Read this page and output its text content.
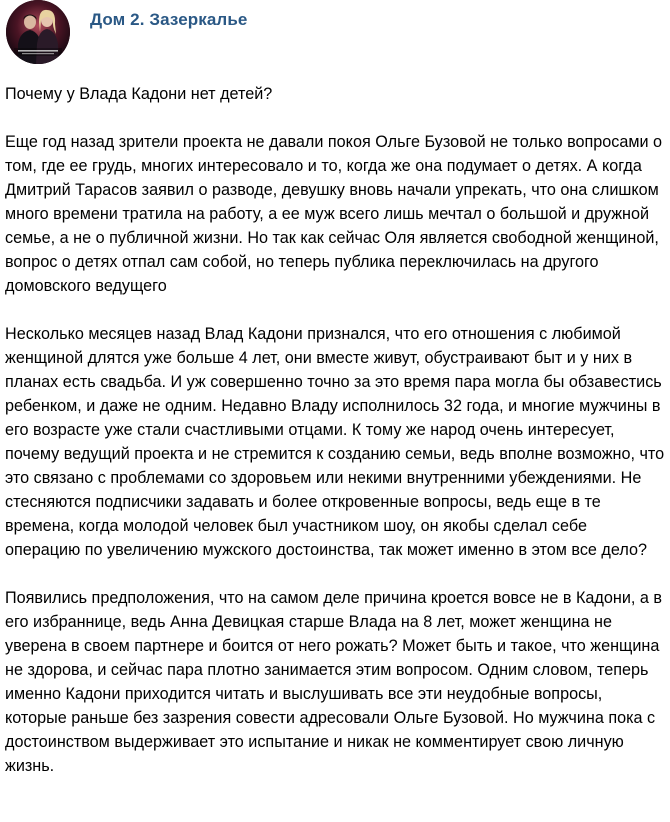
Дом 2. Зазеркалье

Почему у Влада Кадони нет детей?

Еще год назад зрители проекта не давали покоя Ольге Бузовой не только вопросами о том, где ее грудь, многих интересовало и то, когда же она подумает о детях. А когда Дмитрий Тарасов заявил о разводе, девушку вновь начали упрекать, что она слишком много времени тратила на работу, а ее муж всего лишь мечтал о большой и дружной семье, а не о публичной жизни. Но так как сейчас Оля является свободной женщиной, вопрос о детях отпал сам собой, но теперь публика переключилась на другого домовского ведущего

Несколько месяцев назад Влад Кадони признался, что его отношения с любимой женщиной длятся уже больше 4 лет, они вместе живут, обустраивают быт и у них в планах есть свадьба. И уж совершенно точно за это время пара могла бы обзавестись ребенком, и даже не одним. Недавно Владу исполнилось 32 года, и многие мужчины в его возрасте уже стали счастливыми отцами. К тому же народ очень интересует, почему ведущий проекта и не стремится к созданию семьи, ведь вполне возможно, что это связано с проблемами со здоровьем или некими внутренними убеждениями. Не стесняются подписчики задавать и более откровенные вопросы, ведь еще в те времена, когда молодой человек был участником шоу, он якобы сделал себе операцию по увеличению мужского достоинства, так может именно в этом все дело?

Появились предположения, что на самом деле причина кроется вовсе не в Кадони, а в его избраннице, ведь Анна Девицкая старше Влада на 8 лет, может женщина не уверена в своем партнере и боится от него рожать? Может быть и такое, что женщина не здорова, и сейчас пара плотно занимается этим вопросом. Одним словом, теперь именно Кадони приходится читать и выслушивать все эти неудобные вопросы, которые раньше без зазрения совести адресовали Ольге Бузовой. Но мужчина пока с достоинством выдерживает это испытание и никак не комментирует свою личную жизнь.
